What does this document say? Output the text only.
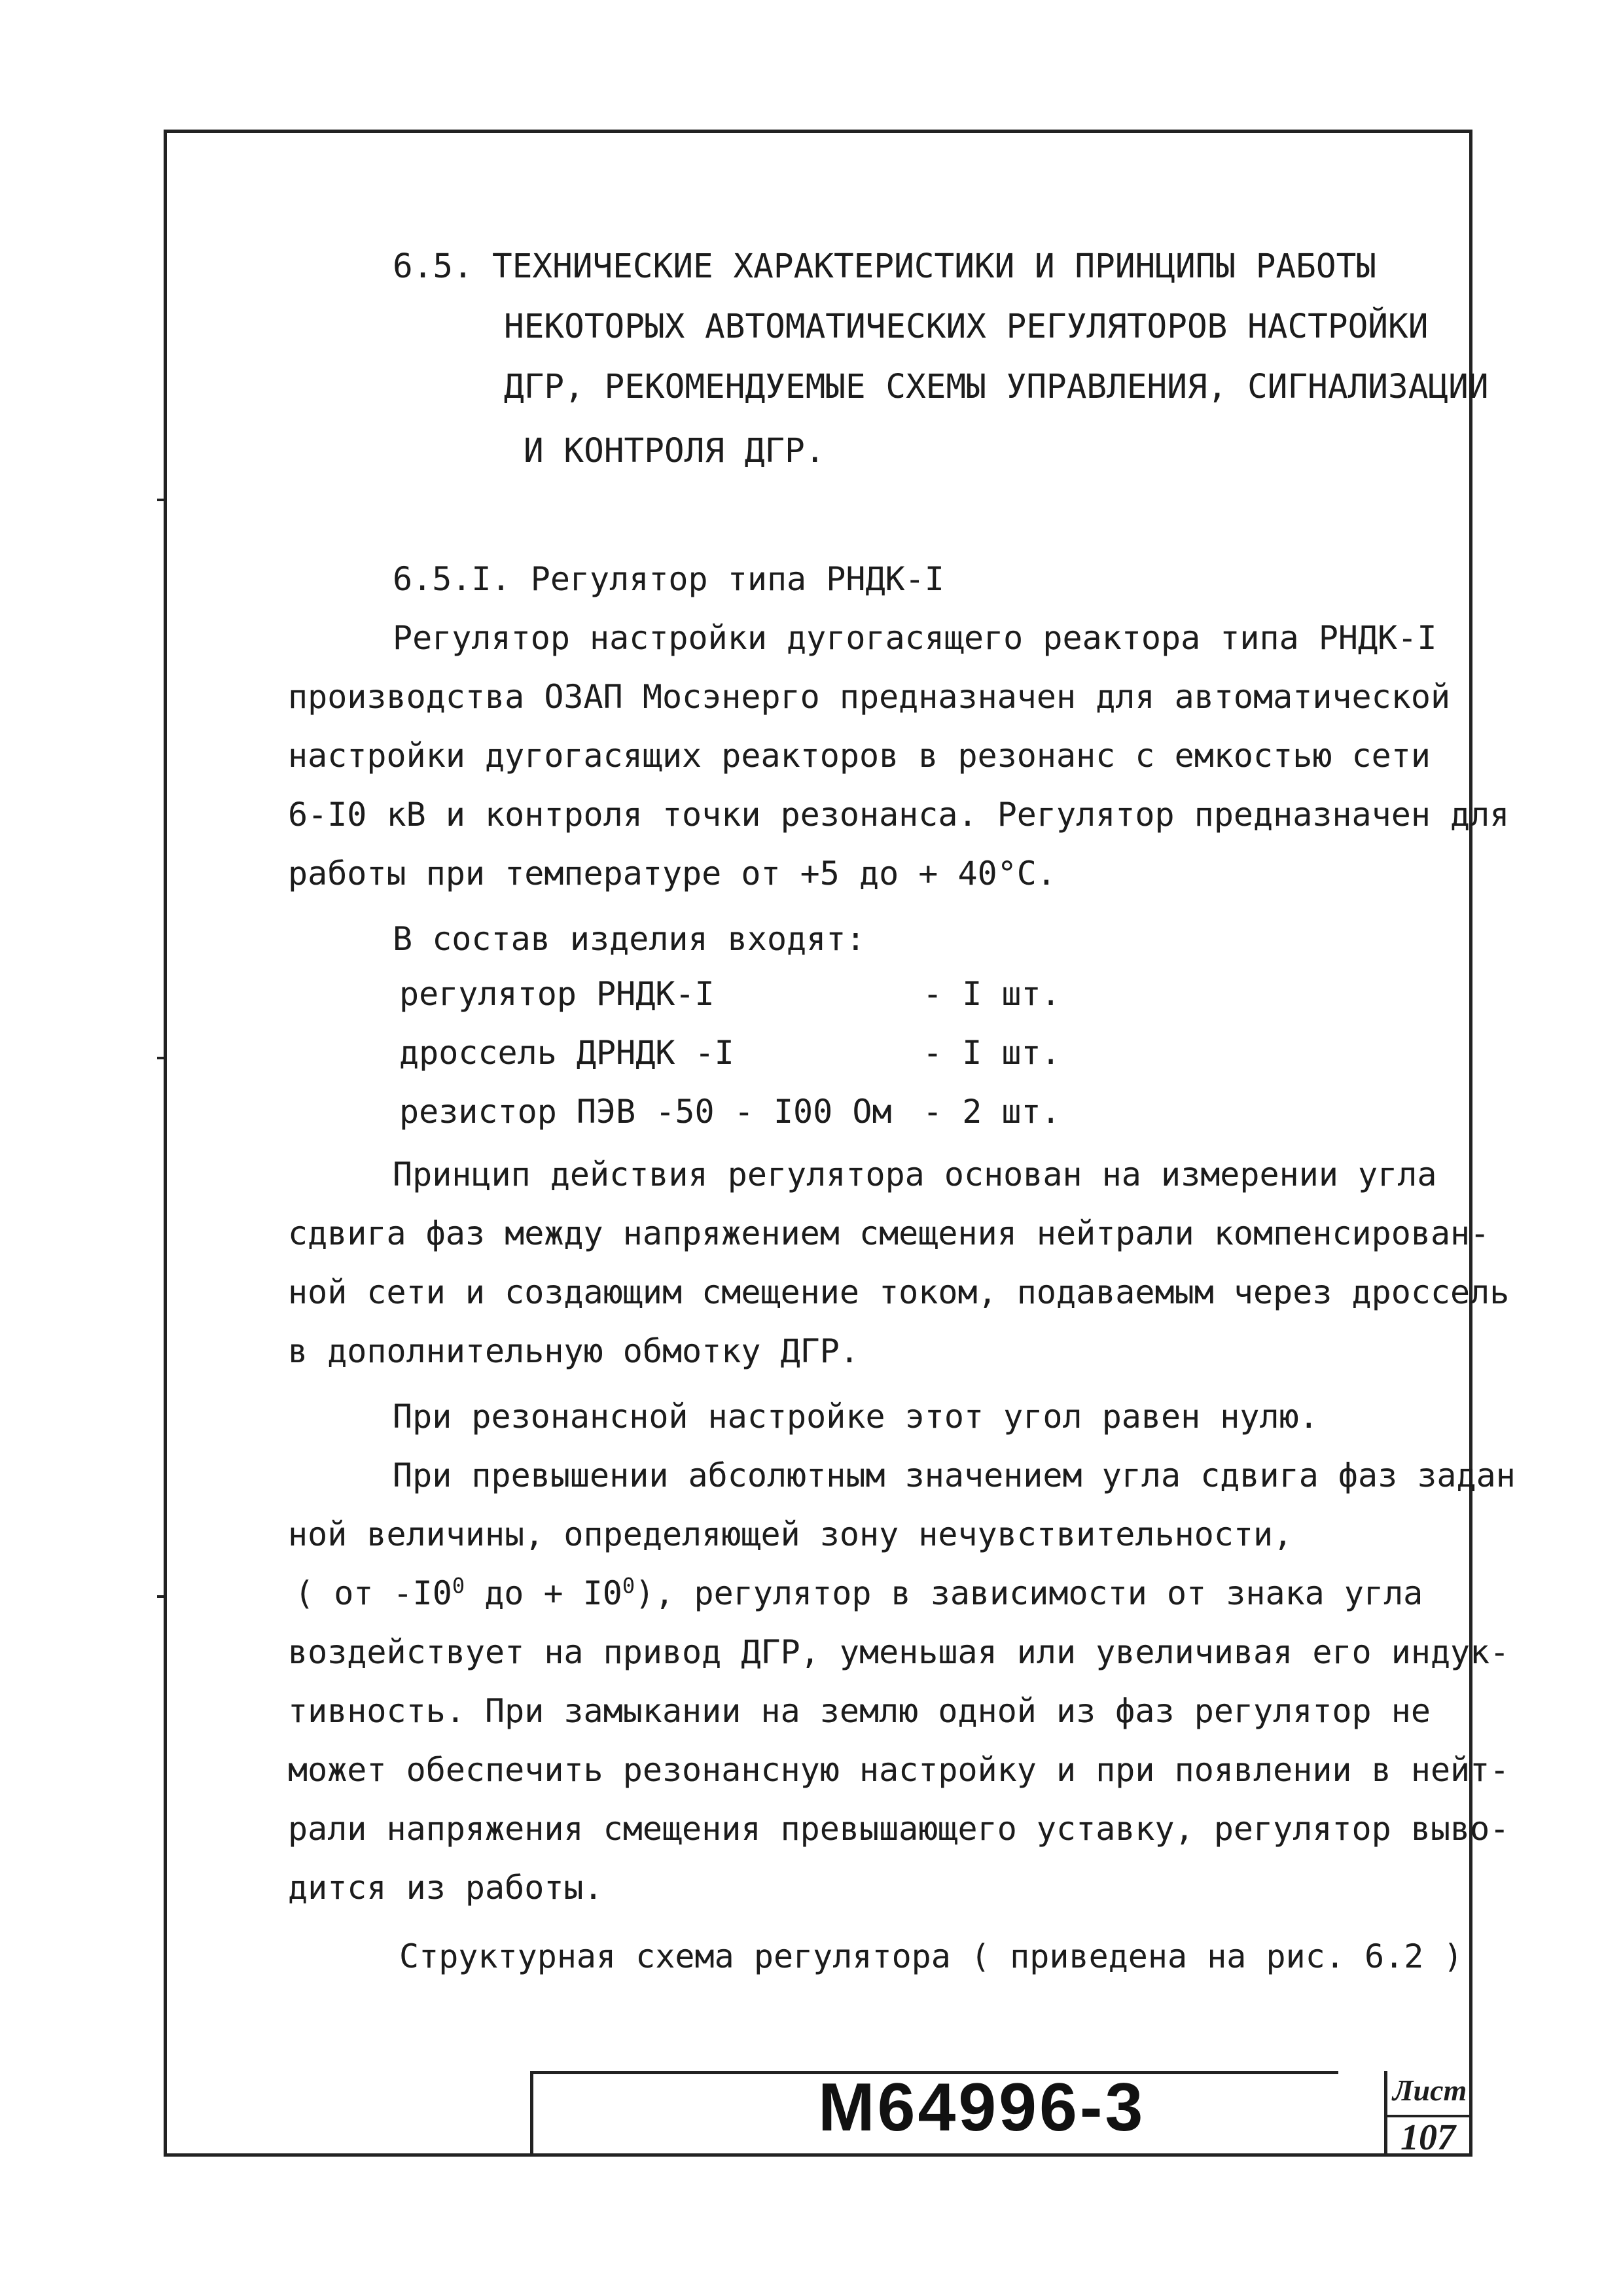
6.5. ТЕХНИЧЕСКИЕ ХАРАКТЕРИСТИКИ И ПРИНЦИПЫ РАБОТЫ
НЕКОТОРЫХ АВТОМАТИЧЕСКИХ РЕГУЛЯТОРОВ НАСТРОЙКИ
ДГР, РЕКОМЕНДУЕМЫЕ СХЕМЫ УПРАВЛЕНИЯ, СИГНАЛИЗАЦИИ
И КОНТРОЛЯ ДГР.
6.5.I. Регулятор типа РНДК-I
Регулятор настройки дугогасящего реактора типа РНДК-I
производства ОЗАП Мосэнерго предназначен для автоматической
настройки дугогасящих реакторов в резонанс с емкостью сети
6-I0 кВ и контроля точки резонанса. Регулятор предназначен для
работы при температуре от +5 до + 40°С.
В состав изделия входят:
регулятор РНДК-I	- I шт.
дроссель ДРНДК -I	- I шт.
резистор ПЭВ -50 - I00 Ом - 2 шт.
Принцип действия регулятора основан на измерении угла
сдвига фаз между напряжением смещения нейтрали компенсирован-
ной сети и создающим смещение током, подаваемым через дроссель
в дополнительную обмотку ДГР.
При резонансной настройке этот угол равен нулю.
При превышении абсолютным значением угла сдвига фаз задан
ной величины, определяющей зону нечувствительности,
( от $-I0^0$ до + $I0^0$), регулятор в зависимости от знака угла
воздействует на привод ДГР, уменьшая или увеличивая его индук-
тивность. При замыкании на землю одной из фаз регулятор не
может обеспечить резонансную настройку и при появлении в нейт-
рали напряжения смещения превышающего уставку, регулятор выво-
дится из работы.
Структурная схема регулятора ( приведена на рис. 6.2 )
М64996-3	Лист
107
